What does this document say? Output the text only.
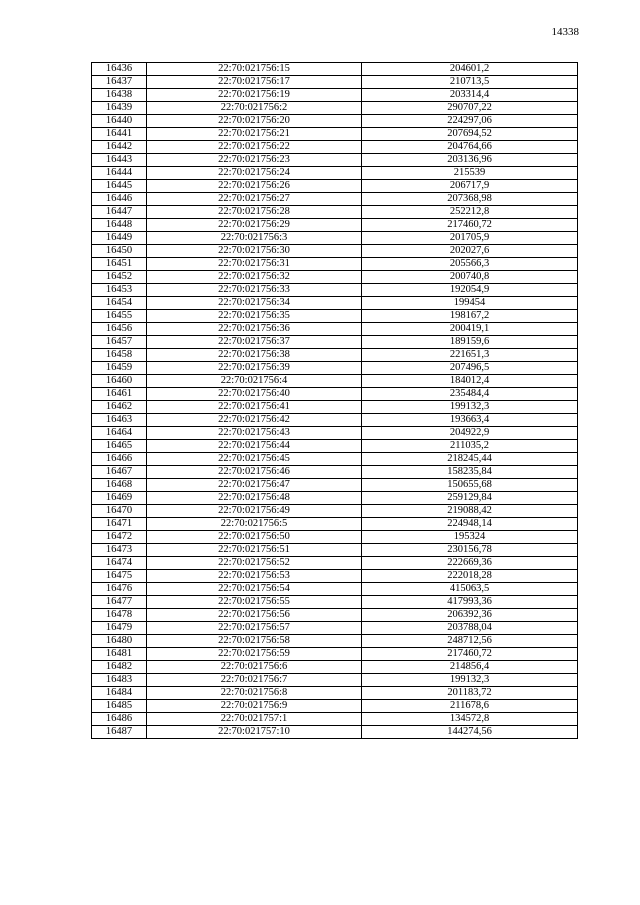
14338
16436	22:70:021756:15	204601,2
16437	22:70:021756:17	210713,5
16438	22:70:021756:19	203314,4
16439	22:70:021756:2	290707,22
16440	22:70:021756:20	224297,06
16441	22:70:021756:21	207694,52
16442	22:70:021756:22	204764,66
16443	22:70:021756:23	203136,96
16444	22:70:021756:24	215539
16445	22:70:021756:26	206717,9
16446	22:70:021756:27	207368,98
16447	22:70:021756:28	252212,8
16448	22:70:021756:29	217460,72
16449	22:70:021756:3	201705,9
16450	22:70:021756:30	202027,6
16451	22:70:021756:31	205566,3
16452	22:70:021756:32	200740,8
16453	22:70:021756:33	192054,9
16454	22:70:021756:34	199454
16455	22:70:021756:35	198167,2
16456	22:70:021756:36	200419,1
16457	22:70:021756:37	189159,6
16458	22:70:021756:38	221651,3
16459	22:70:021756:39	207496,5
16460	22:70:021756:4	184012,4
16461	22:70:021756:40	235484,4
16462	22:70:021756:41	199132,3
16463	22:70:021756:42	193663,4
16464	22:70:021756:43	204922,9
16465	22:70:021756:44	211035,2
16466	22:70:021756:45	218245,44
16467	22:70:021756:46	158235,84
16468	22:70:021756:47	150655,68
16469	22:70:021756:48	259129,84
16470	22:70:021756:49	219088,42
16471	22:70:021756:5	224948,14
16472	22:70:021756:50	195324
16473	22:70:021756:51	230156,78
16474	22:70:021756:52	222669,36
16475	22:70:021756:53	222018,28
16476	22:70:021756:54	415063,5
16477	22:70:021756:55	417993,36
16478	22:70:021756:56	206392,36
16479	22:70:021756:57	203788,04
16480	22:70:021756:58	248712,56
16481	22:70:021756:59	217460,72
16482	22:70:021756:6	214856,4
16483	22:70:021756:7	199132,3
16484	22:70:021756:8	201183,72
16485	22:70:021756:9	211678,6
16486	22:70:021757:1	134572,8
16487	22:70:021757:10	144274,56
